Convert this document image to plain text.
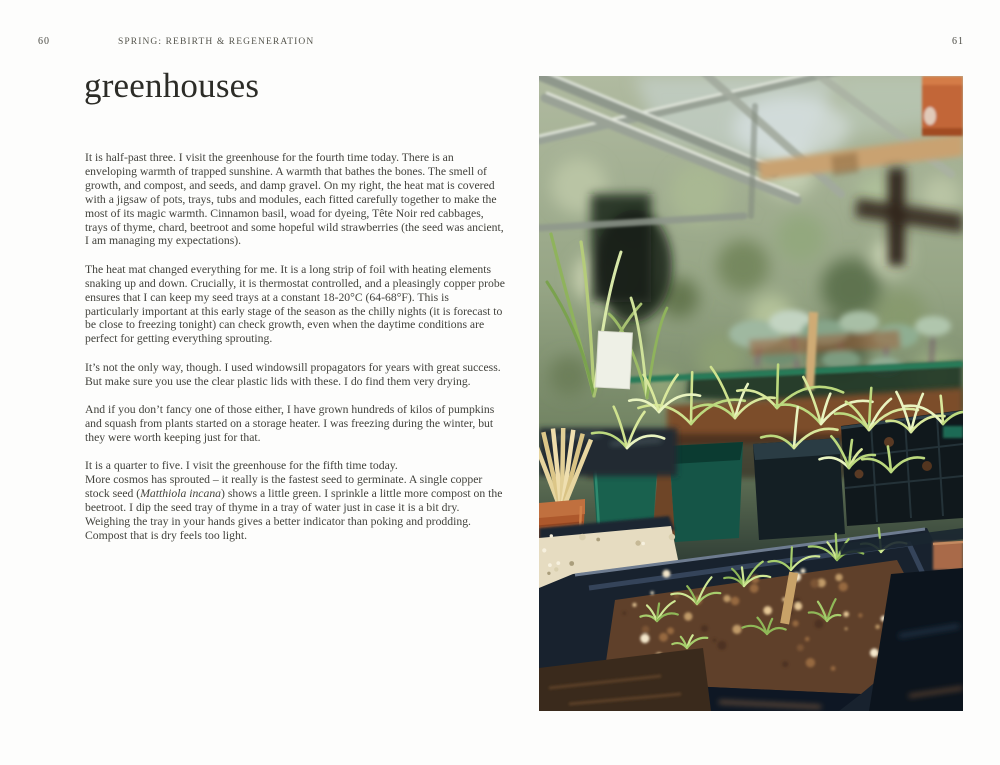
60	SPRING: REBIRTH & REGENERATION	61
greenhouses

It is half-past three. I visit the greenhouse for the fourth time today. There is an enveloping warmth of trapped sunshine. A warmth that bathes the bones. The smell of growth, and compost, and seeds, and damp gravel. On my right, the heat mat is covered with a jigsaw of pots, trays, tubs and modules, each fitted carefully together to make the most of its magic warmth. Cinnamon basil, woad for dyeing, Tête Noir red cabbages, trays of thyme, chard, beetroot and some hopeful wild strawberries (the seed was ancient, I am managing my expectations).

The heat mat changed everything for me. It is a long strip of foil with heating elements snaking up and down. Crucially, it is thermostat controlled, and a pleasingly copper probe ensures that I can keep my seed trays at a constant 18-20°C (64-68°F). This is particularly important at this early stage of the season as the chilly nights (it is forecast to be close to freezing tonight) can check growth, even when the daytime conditions are perfect for getting everything sprouting.

It’s not the only way, though. I used windowsill propagators for years with great success. But make sure you use the clear plastic lids with these. I do find them very drying.

And if you don’t fancy one of those either, I have grown hundreds of kilos of pumpkins and squash from plants started on a storage heater. I was freezing during the winter, but they were worth keeping just for that.

It is a quarter to five. I visit the greenhouse for the fifth time today.
More cosmos has sprouted – it really is the fastest seed to germinate. A single copper stock seed (Matthiola incana) shows a little green. I sprinkle a little more compost on the beetroot. I dip the seed tray of thyme in a tray of water just in case it is a bit dry. Weighing the tray in your hands gives a better indicator than poking and prodding. Compost that is dry feels too light.
